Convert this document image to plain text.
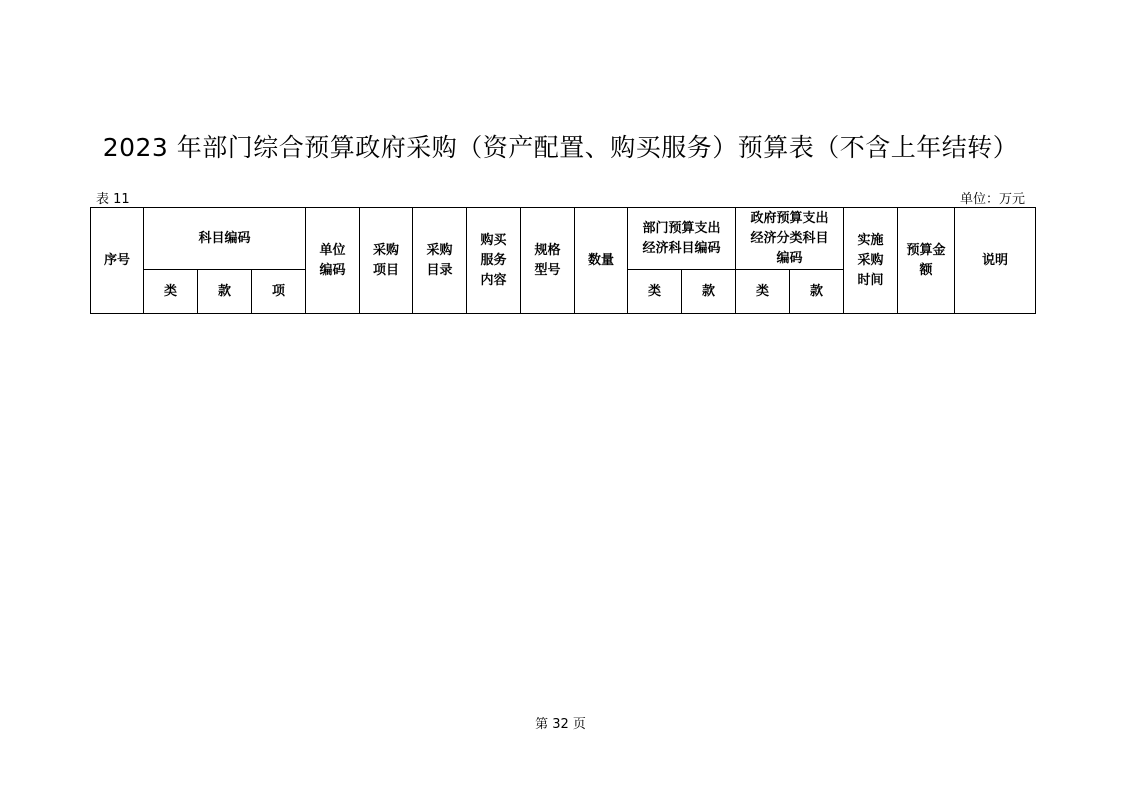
2023 年部门综合预算政府采购（资产配置、购买服务）预算表（不含上年结转）
表 11	单位：万元
序号	科目编码			单位编码	采购项目	采购目录	购买服务内容	规格型号	数量	部门预算支出经济科目编码		政府预算支出经济分类科目编码		实施采购时间	预算金额	说明
	类	款	项							类	款	类	款			
第 32 页
